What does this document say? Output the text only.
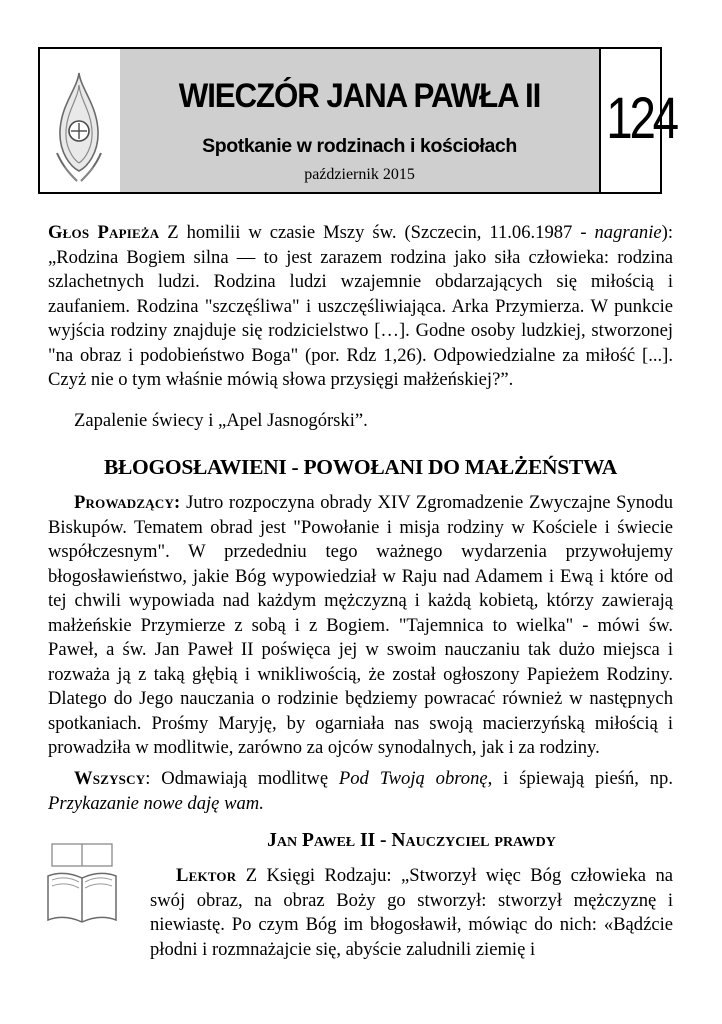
WIECZÓR JANA PAWŁA II
Spotkanie w rodzinach i kościołach
październik 2015
124

Głos Papieża Z homilii w czasie Mszy św. (Szczecin, 11.06.1987 - nagranie): „Rodzina Bogiem silna — to jest zarazem rodzina jako siła człowieka: rodzina szlachetnych ludzi. Rodzina ludzi wzajemnie obdarzających się miłością i zaufaniem. Rodzina "szczęśliwa" i uszczęśliwiająca. Arka Przymierza. W punkcie wyjścia rodziny znajduje się rodzicielstwo […]. Godne osoby ludzkiej, stworzonej "na obraz i podobieństwo Boga" (por. Rdz 1,26). Odpowiedzialne za miłość [...]. Czyż nie o tym właśnie mówią słowa przysięgi małżeńskiej?”.

Zapalenie świecy i „Apel Jasnogórski”.

BŁOGOSŁAWIENI - POWOŁANI DO MAŁŻEŃSTWA

Prowadzący: Jutro rozpoczyna obrady XIV Zgromadzenie Zwyczajne Synodu Biskupów. Tematem obrad jest "Powołanie i misja rodziny w Kościele i świecie współczesnym". W przededniu tego ważnego wydarzenia przywołujemy błogosławieństwo, jakie Bóg wypowiedział w Raju nad Adamem i Ewą i które od tej chwili wypowiada nad każdym mężczyzną i każdą kobietą, którzy zawierają małżeńskie Przymierze z sobą i z Bogiem. "Tajemnica to wielka" - mówi św. Paweł, a św. Jan Paweł II poświęca jej w swoim nauczaniu tak dużo miejsca i rozważa ją z taką głębią i wnikliwością, że został ogłoszony Papieżem Rodziny. Dlatego do Jego nauczania o rodzinie będziemy powracać również w następnych spotkaniach. Prośmy Maryję, by ogarniała nas swoją macierzyńską miłością i prowadziła w modlitwie, zarówno za ojców synodalnych, jak i za rodziny.

Wszyscy: Odmawiają modlitwę Pod Twoją obronę, i śpiewają pieśń, np. Przykazanie nowe daję wam.

Jan Paweł II - Nauczyciel prawdy

Lektor Z Księgi Rodzaju: „Stworzył więc Bóg człowieka na swój obraz, na obraz Boży go stworzył: stworzył mężczyznę i niewiastę. Po czym Bóg im błogosławił, mówiąc do nich: «Bądźcie płodni i rozmnażajcie się, abyście zaludnili ziemię i
